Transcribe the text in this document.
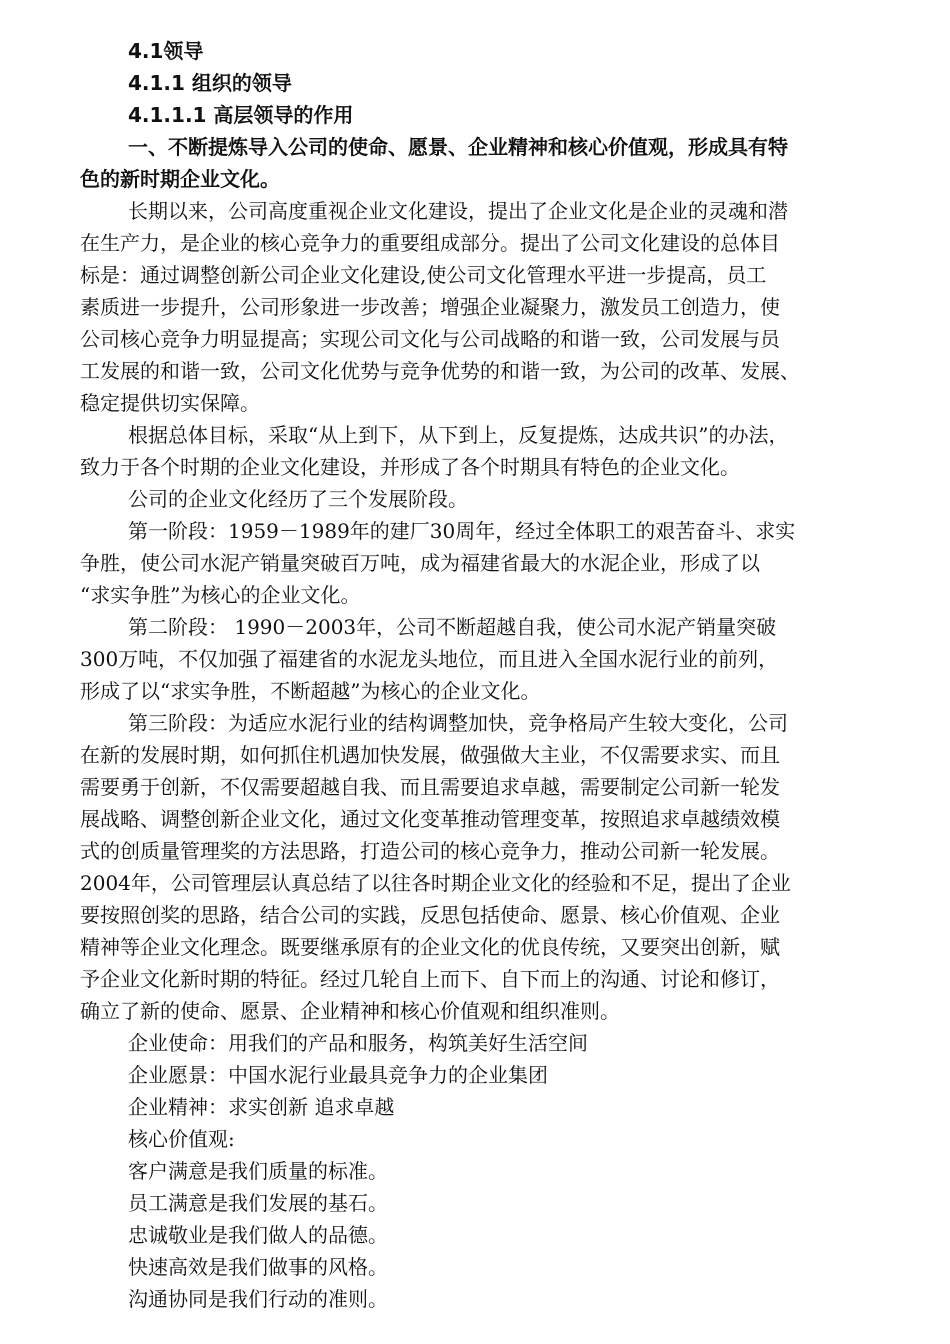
4.1领导
4.1.1 组织的领导
4.1.1.1 高层领导的作用
一、不断提炼导入公司的使命、愿景、企业精神和核心价值观，形成具有特
色的新时期企业文化。
长期以来，公司高度重视企业文化建设，提出了企业文化是企业的灵魂和潜
在生产力，是企业的核心竞争力的重要组成部分。提出了公司文化建设的总体目
标是：通过调整创新公司企业文化建设,使公司文化管理水平进一步提高，员工
素质进一步提升，公司形象进一步改善；增强企业凝聚力，激发员工创造力，使
公司核心竞争力明显提高；实现公司文化与公司战略的和谐一致，公司发展与员
工发展的和谐一致，公司文化优势与竞争优势的和谐一致，为公司的改革、发展、
稳定提供切实保障。
根据总体目标，采取“从上到下，从下到上，反复提炼，达成共识”的办法，
致力于各个时期的企业文化建设，并形成了各个时期具有特色的企业文化。
公司的企业文化经历了三个发展阶段。
第一阶段：1959－1989年的建厂30周年，经过全体职工的艰苦奋斗、求实
争胜，使公司水泥产销量突破百万吨，成为福建省最大的水泥企业，形成了以
“求实争胜”为核心的企业文化。
第二阶段： 1990－2003年，公司不断超越自我，使公司水泥产销量突破
300万吨，不仅加强了福建省的水泥龙头地位，而且进入全国水泥行业的前列，
形成了以“求实争胜，不断超越”为核心的企业文化。
第三阶段：为适应水泥行业的结构调整加快，竞争格局产生较大变化，公司
在新的发展时期，如何抓住机遇加快发展，做强做大主业，不仅需要求实、而且
需要勇于创新，不仅需要超越自我、而且需要追求卓越，需要制定公司新一轮发
展战略、调整创新企业文化，通过文化变革推动管理变革，按照追求卓越绩效模
式的创质量管理奖的方法思路，打造公司的核心竞争力，推动公司新一轮发展。
2004年，公司管理层认真总结了以往各时期企业文化的经验和不足，提出了企业
要按照创奖的思路，结合公司的实践，反思包括使命、愿景、核心价值观、企业
精神等企业文化理念。既要继承原有的企业文化的优良传统，又要突出创新，赋
予企业文化新时期的特征。经过几轮自上而下、自下而上的沟通、讨论和修订，
确立了新的使命、愿景、企业精神和核心价值观和组织准则。
企业使命：用我们的产品和服务，构筑美好生活空间
企业愿景：中国水泥行业最具竞争力的企业集团
企业精神：求实创新 追求卓越
核心价值观:
客户满意是我们质量的标准。
员工满意是我们发展的基石。
忠诚敬业是我们做人的品德。
快速高效是我们做事的风格。
沟通协同是我们行动的准则。
